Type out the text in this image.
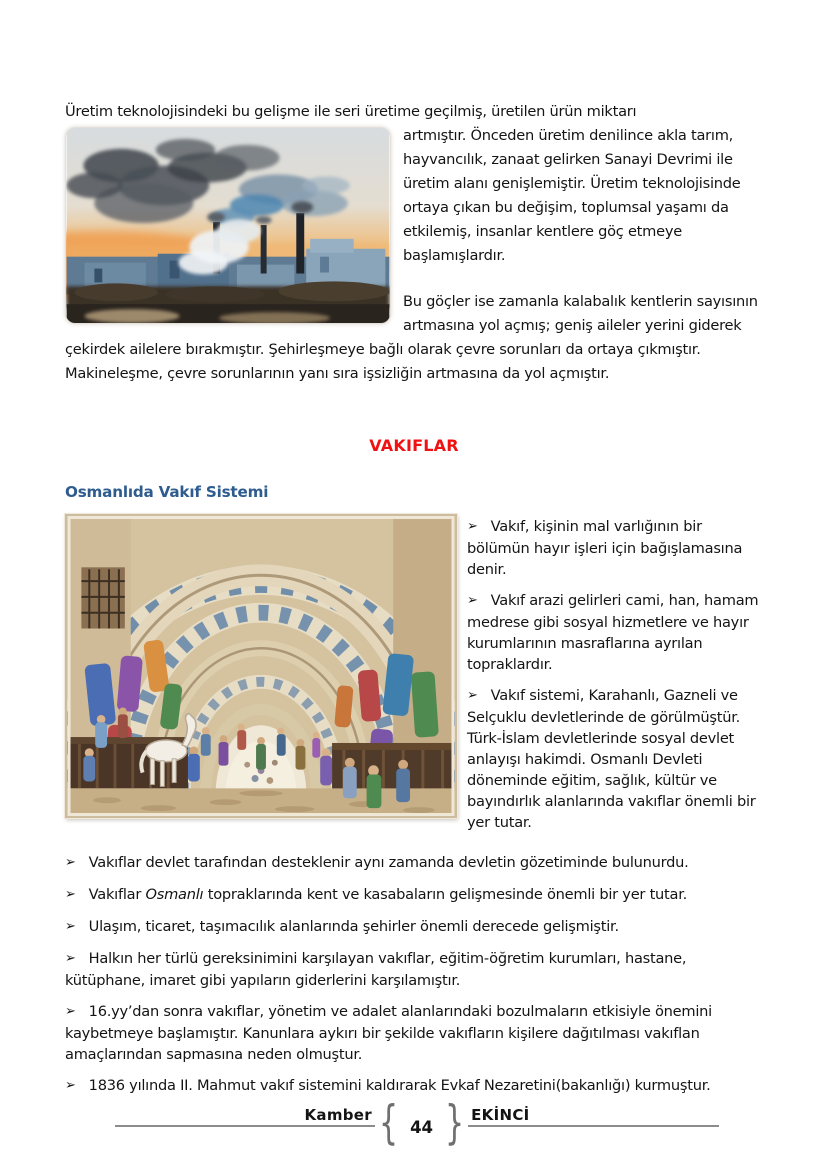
Üretim teknolojisindeki bu gelişme ile seri üretime geçilmiş, üretilen ürün miktarı

artmıştır. Önceden üretim denilince akla tarım, hayvancılık, zanaat gelirken Sanayi Devrimi ile üretim alanı genişlemiştir. Üretim teknolojisinde ortaya çıkan bu değişim, toplumsal yaşamı da etkilemiş, insanlar kentlere göç etmeye başlamışlardır.

Bu göçler ise zamanla kalabalık kentlerin sayısının artmasına yol açmış; geniş aileler yerini giderek çekirdek ailelere bırakmıştır. Şehirleşmeye bağlı olarak çevre sorunları da ortaya çıkmıştır. Makineleşme, çevre sorunlarının yanı sıra işsizliğin artmasına da yol açmıştır.

VAKIFLAR
Osmanlıda Vakıf Sistemi
➢ Vakıf, kişinin mal varlığının bir bölümün hayır işleri için bağışlamasına denir.
➢ Vakıf arazi gelirleri cami, han, hamam medrese gibi sosyal hizmetlere ve hayır kurumlarının masraflarına ayrılan topraklardır.
➢ Vakıf sistemi, Karahanlı, Gazneli ve Selçuklu devletlerinde de görülmüştür. Türk-İslam devletlerinde sosyal devlet anlayışı hakimdi. Osmanlı Devleti döneminde eğitim, sağlık, kültür ve bayındırlık alanlarında vakıflar önemli bir yer tutar.
➢ Vakıflar devlet tarafından desteklenir aynı zamanda devletin gözetiminde bulunurdu.
➢ Vakıflar Osmanlı topraklarında kent ve kasabaların gelişmesinde önemli bir yer tutar.
➢ Ulaşım, ticaret, taşımacılık alanlarında şehirler önemli derecede gelişmiştir.
➢ Halkın her türlü gereksinimini karşılayan vakıflar, eğitim-öğretim kurumları, hastane, kütüphane, imaret gibi yapıların giderlerini karşılamıştır.
➢ 16.yy’dan sonra vakıflar, yönetim ve adalet alanlarındaki bozulmaların etkisiyle önemini kaybetmeye başlamıştır. Kanunlara aykırı bir şekilde vakıfların kişilere dağıtılması vakıflan amaçlarından sapmasına neden olmuştur.
➢ 1836 yılında II. Mahmut vakıf sistemini kaldırarak Evkaf Nezaretini(bakanlığı) kurmuştur.
Kamber { 44 } EKİNCİ
